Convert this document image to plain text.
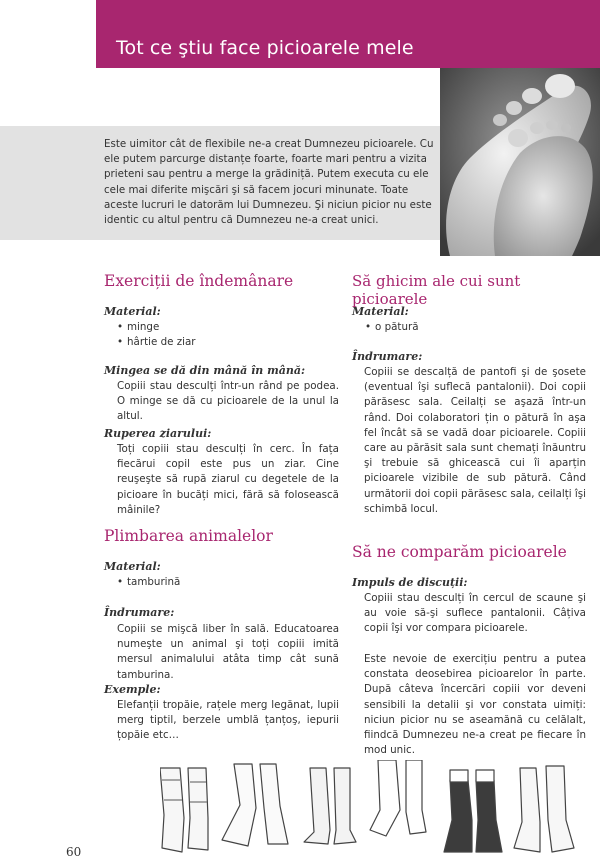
Tot ce ştiu face picioarele mele
Este uimitor cât de flexibile ne-a creat Dumnezeu picioarele. Cu ele putem parcurge distanțe foarte, foarte mari pentru a vizita prieteni sau pentru a merge la grădiniță. Putem executa cu ele cele mai diferite mişcări şi să facem jocuri minunate. Toate aceste lucruri le datorăm lui Dumnezeu. Şi niciun picior nu este identic cu altul pentru că Dumnezeu ne-a creat unici.
Exerciții de îndemânare
Material:
• minge
• hârtie de ziar
Mingea se dă din mână în mână:
Copiii stau desculți într-un rând pe podea. O minge se dă cu picioarele de la unul la altul.
Ruperea ziarului:
Toți copiii stau desculți în cerc. În fața fiecărui copil este pus un ziar. Cine reuşeşte să rupă ziarul cu degetele de la picioare în bucăți mici, fără să folosească mâinile?
Plimbarea animalelor
Material:
• tamburină
Îndrumare:
Copiii se mişcă liber în sală. Educatoarea numeşte un animal şi toți copiii imită mersul animalului atâta timp cât sună tamburina.
Exemple:
Elefanții tropăie, rațele merg legănat, lupii merg tiptil, berzele umblă țanțoş, iepurii țopăie etc…
Să ghicim ale cui sunt picioarele
Material:
• o pătură
Îndrumare:
Copiii se descalță de pantofi şi de şosete (eventual îşi suflecă pantalonii). Doi copii părăsesc sala. Ceilalți se aşază într-un rând. Doi colaboratori țin o pătură în aşa fel încât să se vadă doar picioarele. Copiii care au părăsit sala sunt chemați înăuntru şi trebuie să ghicească cui îi aparțin picioarele vizibile de sub pătură. Când următorii doi copii părăsesc sala, ceilalți îşi schimbă locul.
Să ne comparăm picioarele
Impuls de discuții:
Copiii stau desculți în cercul de scaune şi au voie să-şi suflece pantalonii. Câțiva copii îşi vor compara picioarele.
Este nevoie de exercițiu pentru a putea constata deosebirea picioarelor în parte. După câteva încercări copiii vor deveni sensibili la detalii şi vor constata uimiți: niciun picior nu se aseamănă cu celălalt, fiindcă Dumnezeu ne-a creat pe fiecare în mod unic.
60
